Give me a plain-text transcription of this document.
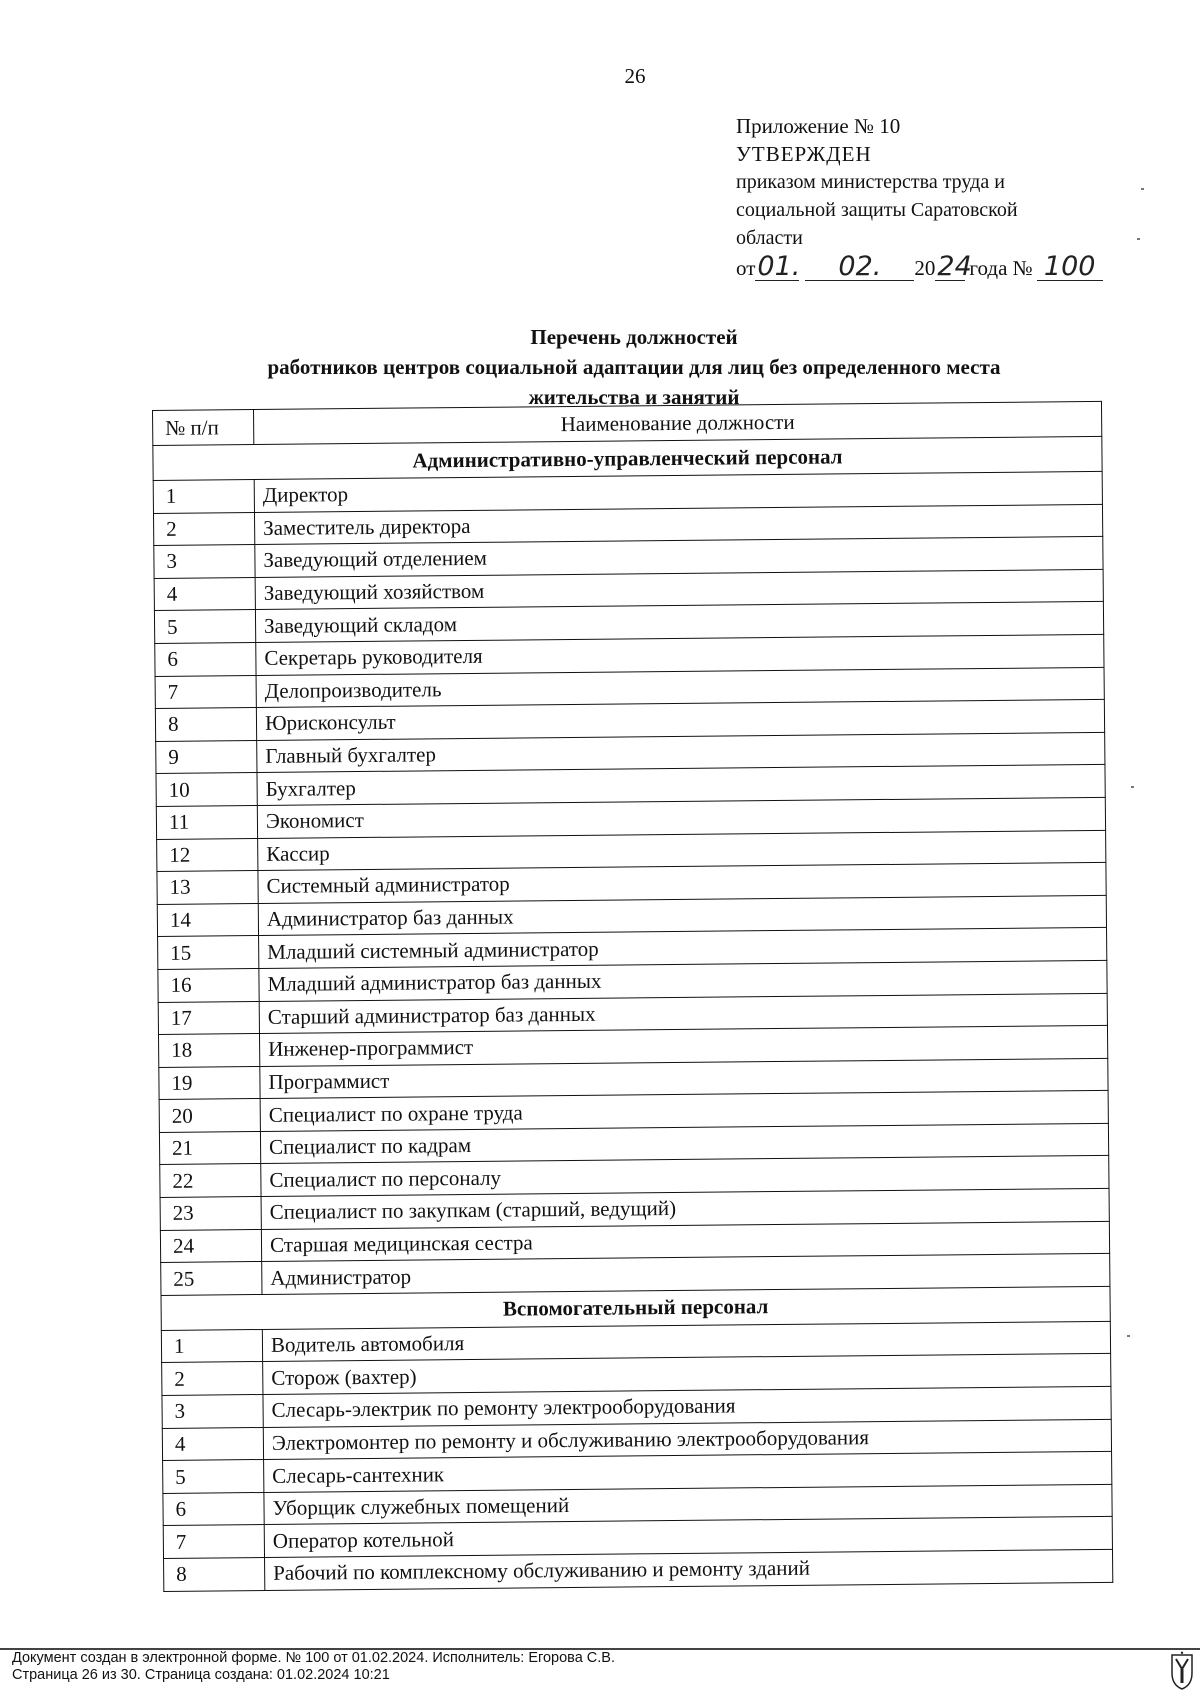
26
Приложение № 10
УТВЕРЖДЕН
приказом министерства труда и
социальной защиты Саратовской
области
от 01.	02.	20 24
года № 100
Перечень должностей
работников центров социальной адаптации для лиц без определенного места
жительства и занятий
№ п/п	Наименование должности
Административно-управленческий персонал	
1	Директор
2	Заместитель директора
3	Заведующий отделением
4	Заведующий хозяйством
5	Заведующий складом
6	Секретарь руководителя
7	Делопроизводитель
8	Юрисконсульт
9	Главный бухгалтер
10	Бухгалтер
11	Экономист
12	Кассир
13	Системный администратор
14	Администратор баз данных
15	Младший системный администратор
16	Младший администратор баз данных
17	Старший администратор баз данных
18	Инженер-программист
19	Программист
20	Специалист по охране труда
21	Специалист по кадрам
22	Специалист по персоналу
23	Специалист по закупкам (старший, ведущий)
24	Старшая медицинская сестра
25	Администратор
Вспомогательный персонал	
1	Водитель автомобиля
2	Сторож (вахтер)
3	Слесарь-электрик по ремонту электрооборудования
4	Электромонтер по ремонту и обслуживанию электрооборудования
5	Слесарь-сантехник
6	Уборщик служебных помещений
7	Оператор котельной
8	Рабочий по комплексному обслуживанию и ремонту зданий
Документ создан в электронной форме. № 100 от 01.02.2024. Исполнитель: Егорова С.В.
Страница 26 из 30. Страница создана: 01.02.2024 10:21
